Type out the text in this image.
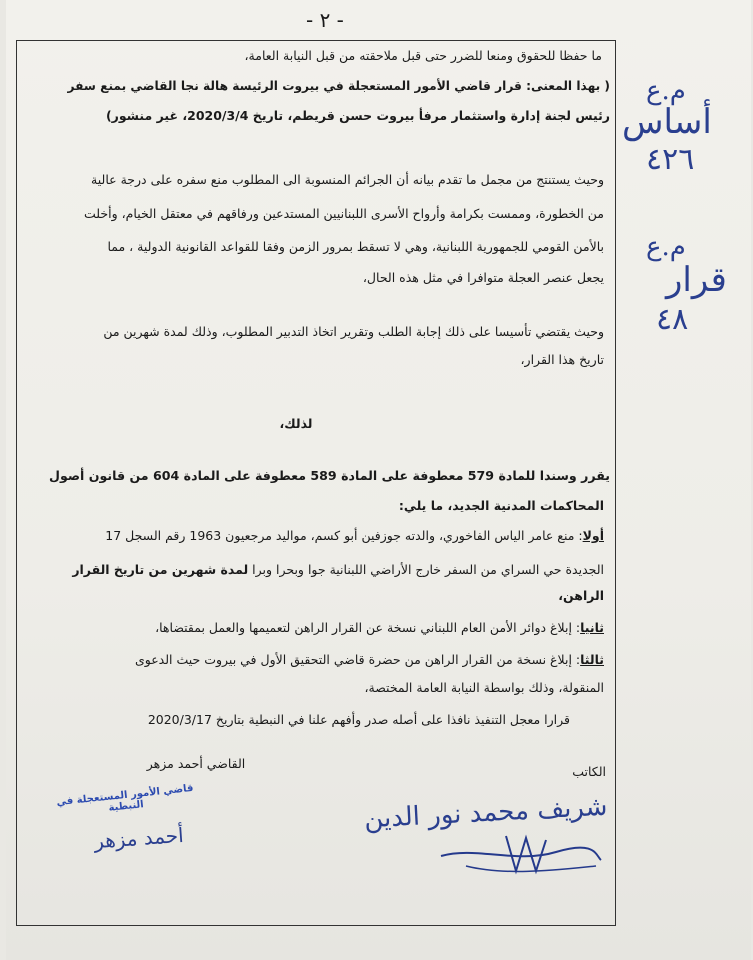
- ٢ -
ما حفظا للحقوق ومنعا للضرر حتى قبل ملاحقته من قبل النيابة العامة،
( بهذا المعنى: قرار قاضي الأمور المستعجلة في بيروت الرئيسة هالة نجا القاضي بمنع سفر
رئيس لجنة إدارة واستثمار مرفأ بيروت حسن قريطم، تاريخ 2020/3/4، غير منشور)
وحيث يستنتج من مجمل ما تقدم بيانه أن الجرائم المنسوبة الى المطلوب منع سفره على درجة عالية
من الخطورة، وممست بكرامة وأرواح الأسرى اللبنانيين المستدعين ورفاقهم في معتقل الخيام، وأخلت
بالأمن القومي للجمهورية اللبنانية، وهي لا تسقط بمرور الزمن وفقا للقواعد القانونية الدولية ، مما
يجعل عنصر العجلة متوافرا في مثل هذه الحال،
وحيث يقتضي تأسيسا على ذلك إجابة الطلب وتقرير اتخاذ التدبير المطلوب، وذلك لمدة شهرين من
تاريخ هذا القرار،
لذلك،
يقرر وسندا للمادة 579 معطوفة على المادة 589 معطوفة على المادة 604 من قانون أصول
المحاكمات المدنية الجديد، ما يلي:
أولا: منع عامر الياس الفاخوري، والدته جوزفين أبو كسم، مواليد مرجعيون 1963 رقم السجل 17
الجديدة حي السراي من السفر خارج الأراضي اللبنانية جوا وبحرا وبرا لمدة شهرين من تاريخ القرار
الراهن،
ثانيا: إبلاغ دوائر الأمن العام اللبناني نسخة عن القرار الراهن لتعميمها والعمل بمقتضاها،
ثالثا: إبلاغ نسخة من القرار الراهن من حضرة قاضي التحقيق الأول في بيروت حيث الدعوى
المنقولة، وذلك بواسطة النيابة العامة المختصة،
قرارا معجل التنفيذ نافذا على أصله صدر وأفهم علنا في النبطية بتاريخ 2020/3/17
القاضي أحمد مزهر
الكاتب
قاضي الأمور المستعجلة في النبطية
أحمد مزهر
شريف محمد نور الدين
م.ع
أساس
٤٢٦
م.ع
قرار
٤٨
